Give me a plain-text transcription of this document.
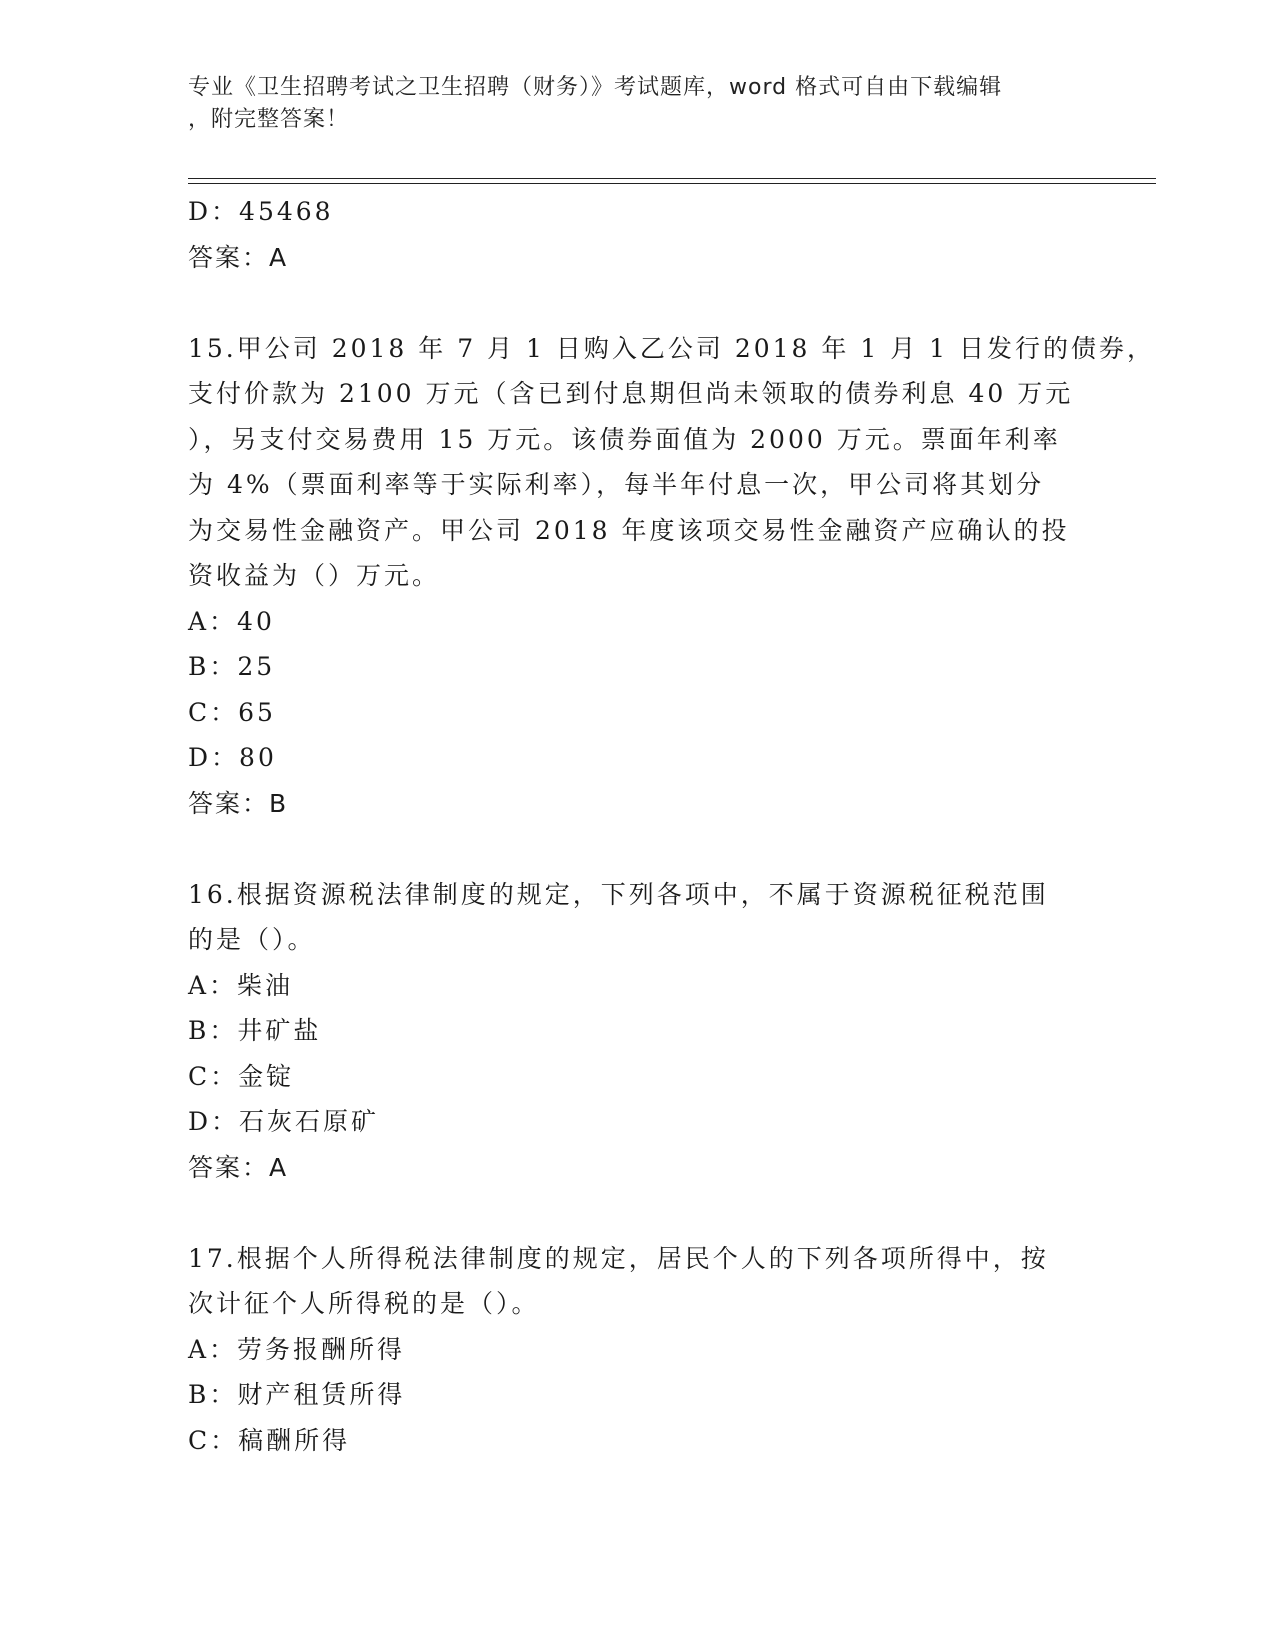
专业《卫生招聘考试之卫生招聘（财务）》考试题库，word 格式可自由下载编辑
，附完整答案！
D：45468
答案：A
15.甲公司 2018 年 7 月 1 日购入乙公司 2018 年 1 月 1 日发行的债券，
支付价款为 2100 万元（含已到付息期但尚未领取的债券利息 40 万元
），另支付交易费用 15 万元。该债券面值为 2000 万元。票面年利率
为 4%（票面利率等于实际利率），每半年付息一次，甲公司将其划分
为交易性金融资产。甲公司 2018 年度该项交易性金融资产应确认的投
资收益为（）万元。
A：40
B：25
C：65
D：80
答案：B
16.根据资源税法律制度的规定，下列各项中，不属于资源税征税范围
的是（）。
A：柴油
B：井矿盐
C：金锭
D：石灰石原矿
答案：A
17.根据个人所得税法律制度的规定，居民个人的下列各项所得中，按
次计征个人所得税的是（）。
A：劳务报酬所得
B：财产租赁所得
C：稿酬所得
